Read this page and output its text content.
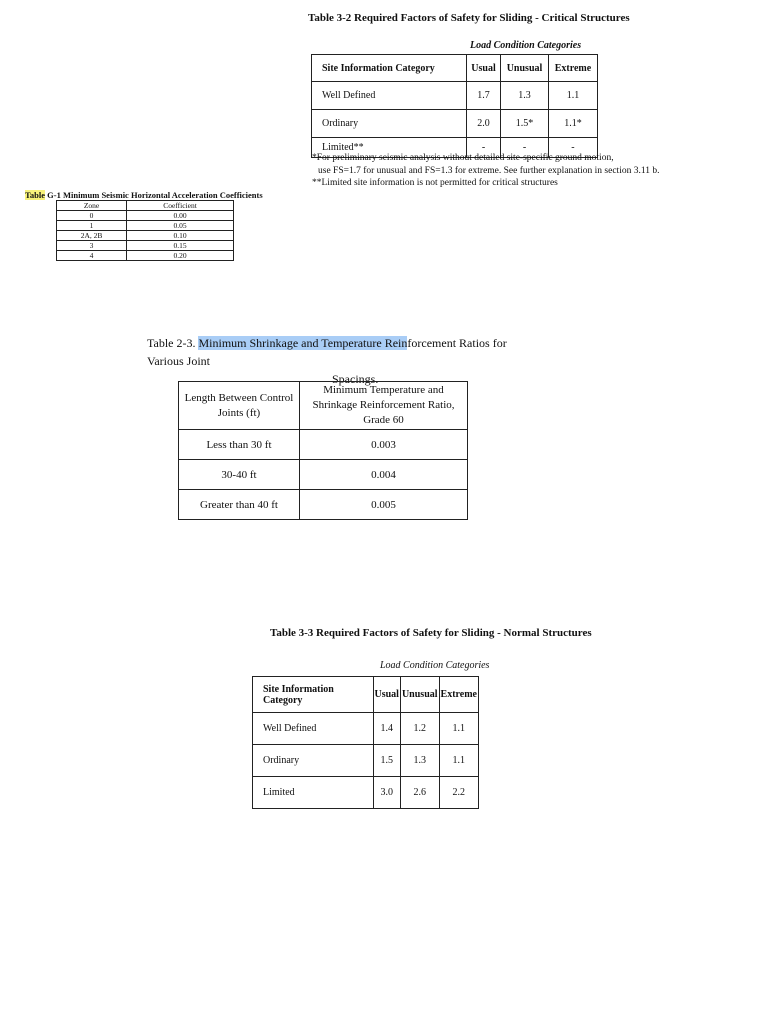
Table 3-2 Required Factors of Safety for Sliding - Critical Structures
Load Condition Categories
Site Information Category	Usual	Unusual	Extreme
Well Defined	1.7	1.3	1.1
Ordinary	2.0	1.5*	1.1*
Limited**	-	-	-
*For preliminary seismic analysis without detailed site-specific ground motion,
use FS=1.7 for unusual and FS=1.3 for extreme. See further explanation in section 3.11 b.
**Limited site information is not permitted for critical structures
Table G-1 Minimum Seismic Horizontal Acceleration Coefficients
Zone	Coefficient
0	0.00
1	0.05
2A, 2B	0.10
3	0.15
4	0.20
Table 2-3. Minimum Shrinkage and Temperature Reinforcement Ratios for Various Joint
Spacings.
Length Between Control Joints (ft)	Minimum Temperature and Shrinkage Reinforcement Ratio, Grade 60
Less than 30 ft	0.003
30-40 ft	0.004
Greater than 40 ft	0.005
Table 3-3 Required Factors of Safety for Sliding - Normal Structures
Load Condition Categories
Site Information Category	Usual	Unusual	Extreme
Well Defined	1.4	1.2	1.1
Ordinary	1.5	1.3	1.1
Limited	3.0	2.6	2.2
